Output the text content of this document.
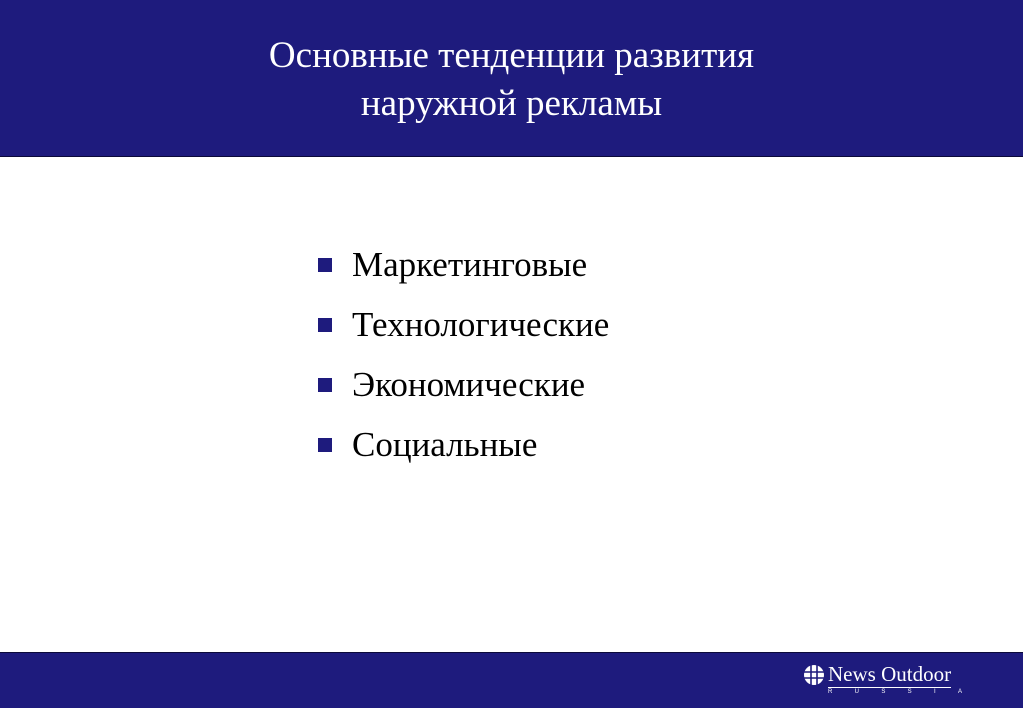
Основные тенденции развития
наружной рекламы
Маркетинговые
Технологические
Экономические
Социальные
News Outdoor
R	U	S	S	I	A
